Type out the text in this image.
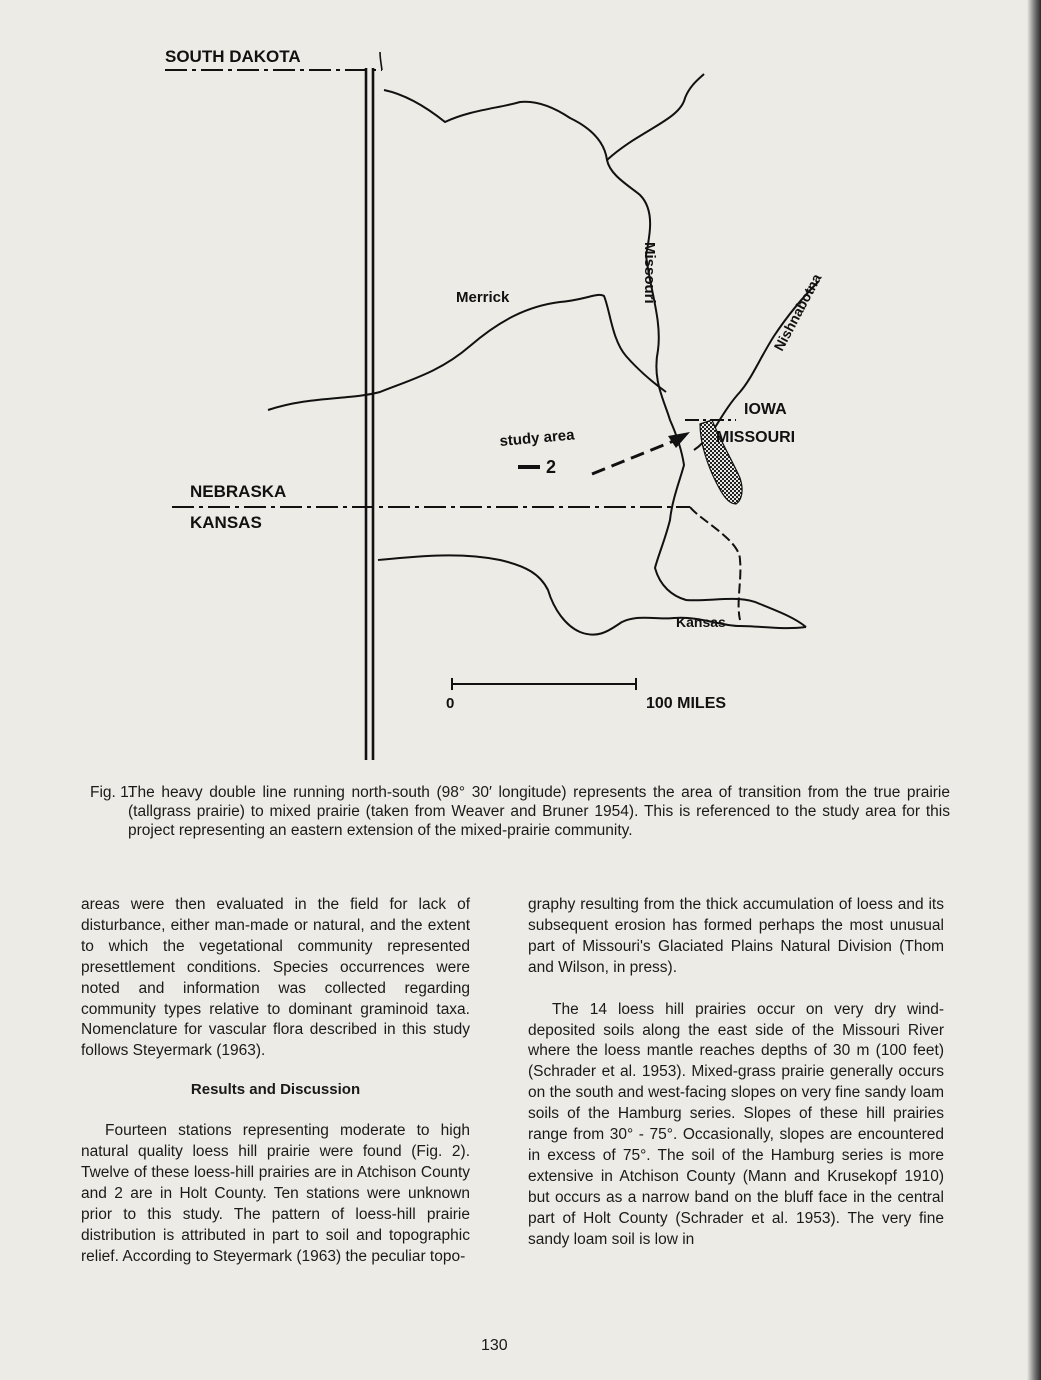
SOUTH DAKOTA
IOWA
MISSOURI
NEBRASKA
KANSAS
Merrick
study area
2
Missouri	Nishnabotna
Kansas
0	100 MILES
Fig. 1.
The heavy double line running north-south (98° 30′ longitude) represents the area of transition from the true prairie (tallgrass prairie) to mixed prairie (taken from Weaver and Bruner 1954). This is referenced to the study area for this project representing an eastern extension of the mixed-prairie community.

areas were then evaluated in the field for lack of disturbance, either man-made or natural, and the extent to which the vegetational community represented presettlement conditions. Species occurrences were noted and information was collected regarding community types relative to dominant graminoid taxa. Nomenclature for vascular flora described in this study follows Steyermark (1963).

Results and Discussion

Fourteen stations representing moderate to high natural quality loess hill prairie were found (Fig. 2). Twelve of these loess-hill prairies are in Atchison County and 2 are in Holt County. Ten stations were unknown prior to this study. The pattern of loess-hill prairie distribution is attributed in part to soil and topographic relief. According to Steyermark (1963) the peculiar topo-

graphy resulting from the thick accumulation of loess and its subsequent erosion has formed perhaps the most unusual part of Missouri's Glaciated Plains Natural Division (Thom and Wilson, in press).

The 14 loess hill prairies occur on very dry wind-deposited soils along the east side of the Missouri River where the loess mantle reaches depths of 30 m (100 feet) (Schrader et al. 1953). Mixed-grass prairie generally occurs on the south and west-facing slopes on very fine sandy loam soils of the Hamburg series. Slopes of these hill prairies range from 30° - 75°. Occasionally, slopes are encountered in excess of 75°. The soil of the Hamburg series is more extensive in Atchison County (Mann and Krusekopf 1910) but occurs as a narrow band on the bluff face in the central part of Holt County (Schrader et al. 1953). The very fine sandy loam soil is low in

130
